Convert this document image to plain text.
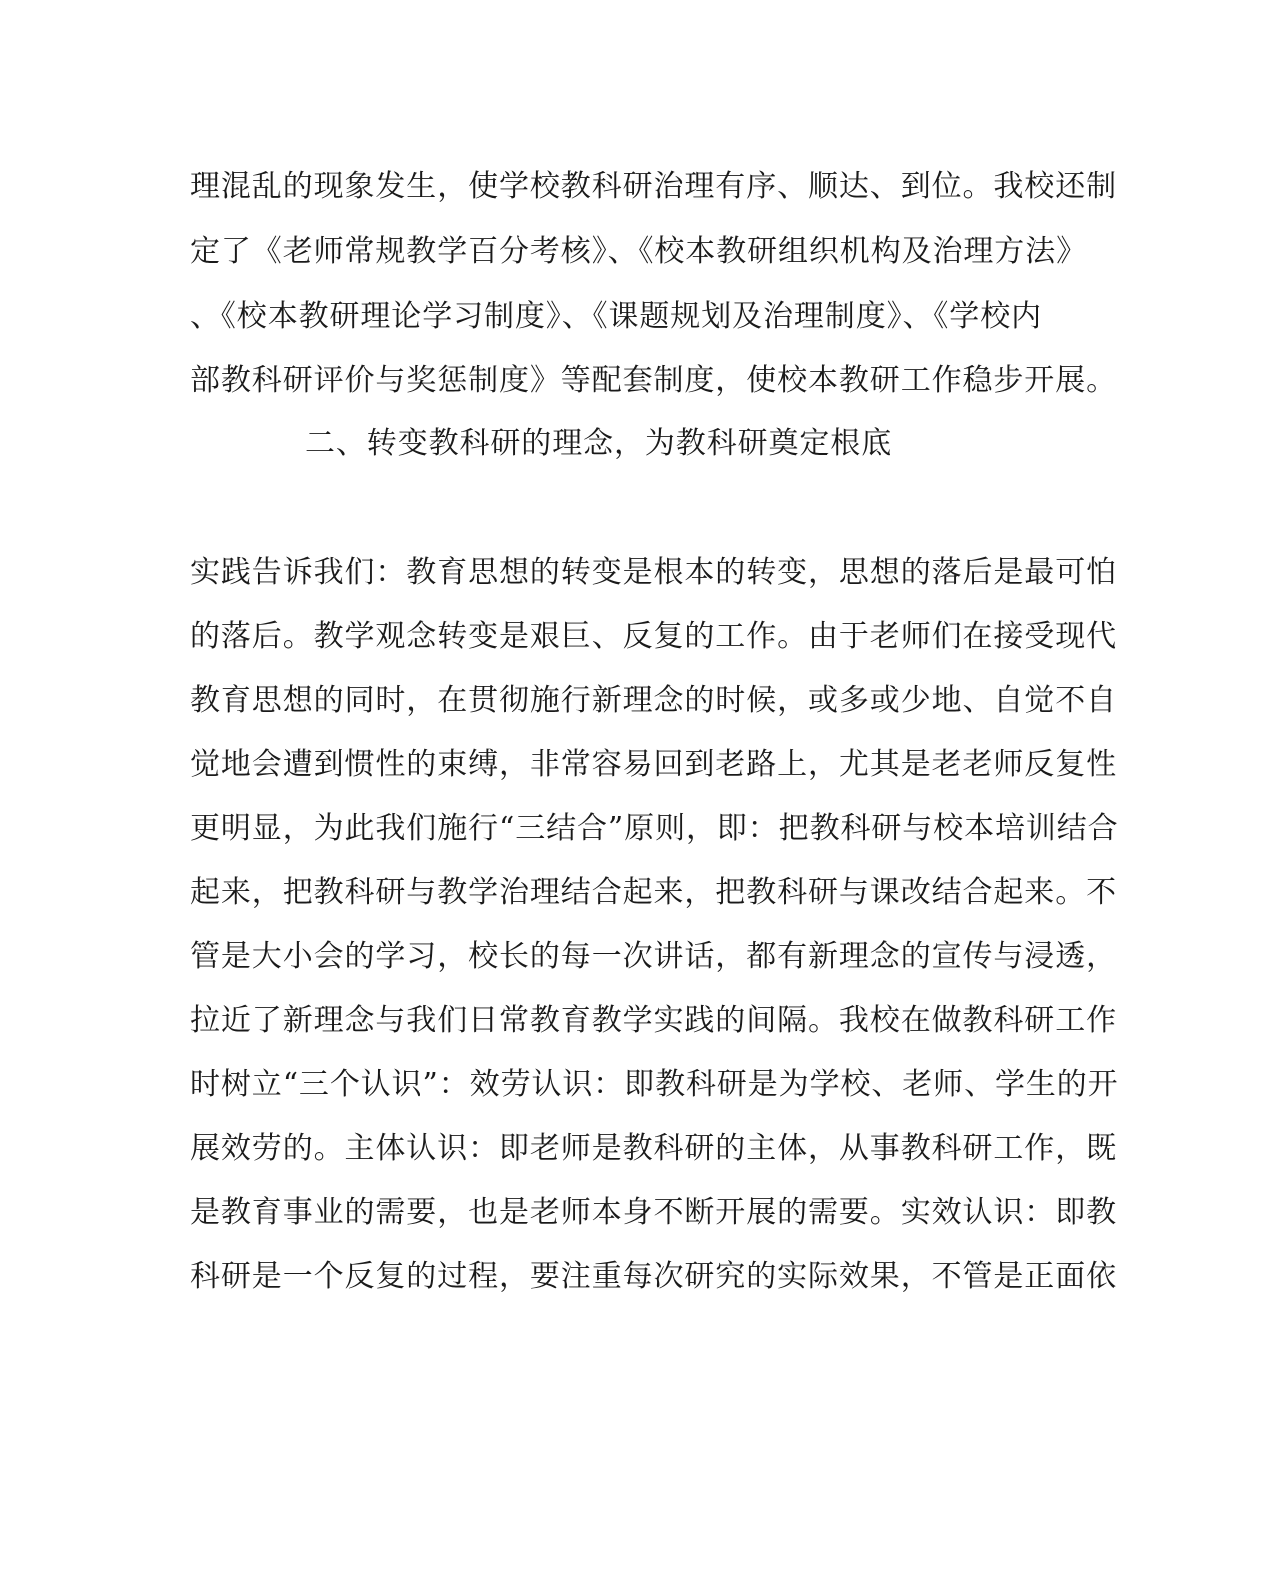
理混乱的现象发生，使学校教科研治理有序、顺达、到位。我校还制
定了《老师常规教学百分考核》、《校本教研组织机构及治理方法》
、《校本教研理论学习制度》、《课题规划及治理制度》、《学校内
部教科研评价与奖惩制度》等配套制度，使校本教研工作稳步开展。
二、转变教科研的理念，为教科研奠定根底
实践告诉我们：教育思想的转变是根本的转变，思想的落后是最可怕
的落后。教学观念转变是艰巨、反复的工作。由于老师们在接受现代
教育思想的同时，在贯彻施行新理念的时候，或多或少地、自觉不自
觉地会遭到惯性的束缚，非常容易回到老路上，尤其是老老师反复性
更明显，为此我们施行“三结合”原则，即：把教科研与校本培训结合
起来，把教科研与教学治理结合起来，把教科研与课改结合起来。不
管是大小会的学习，校长的每一次讲话，都有新理念的宣传与浸透，
拉近了新理念与我们日常教育教学实践的间隔。我校在做教科研工作
时树立“三个认识”：效劳认识：即教科研是为学校、老师、学生的开
展效劳的。主体认识：即老师是教科研的主体，从事教科研工作，既
是教育事业的需要，也是老师本身不断开展的需要。实效认识：即教
科研是一个反复的过程，要注重每次研究的实际效果，不管是正面依
